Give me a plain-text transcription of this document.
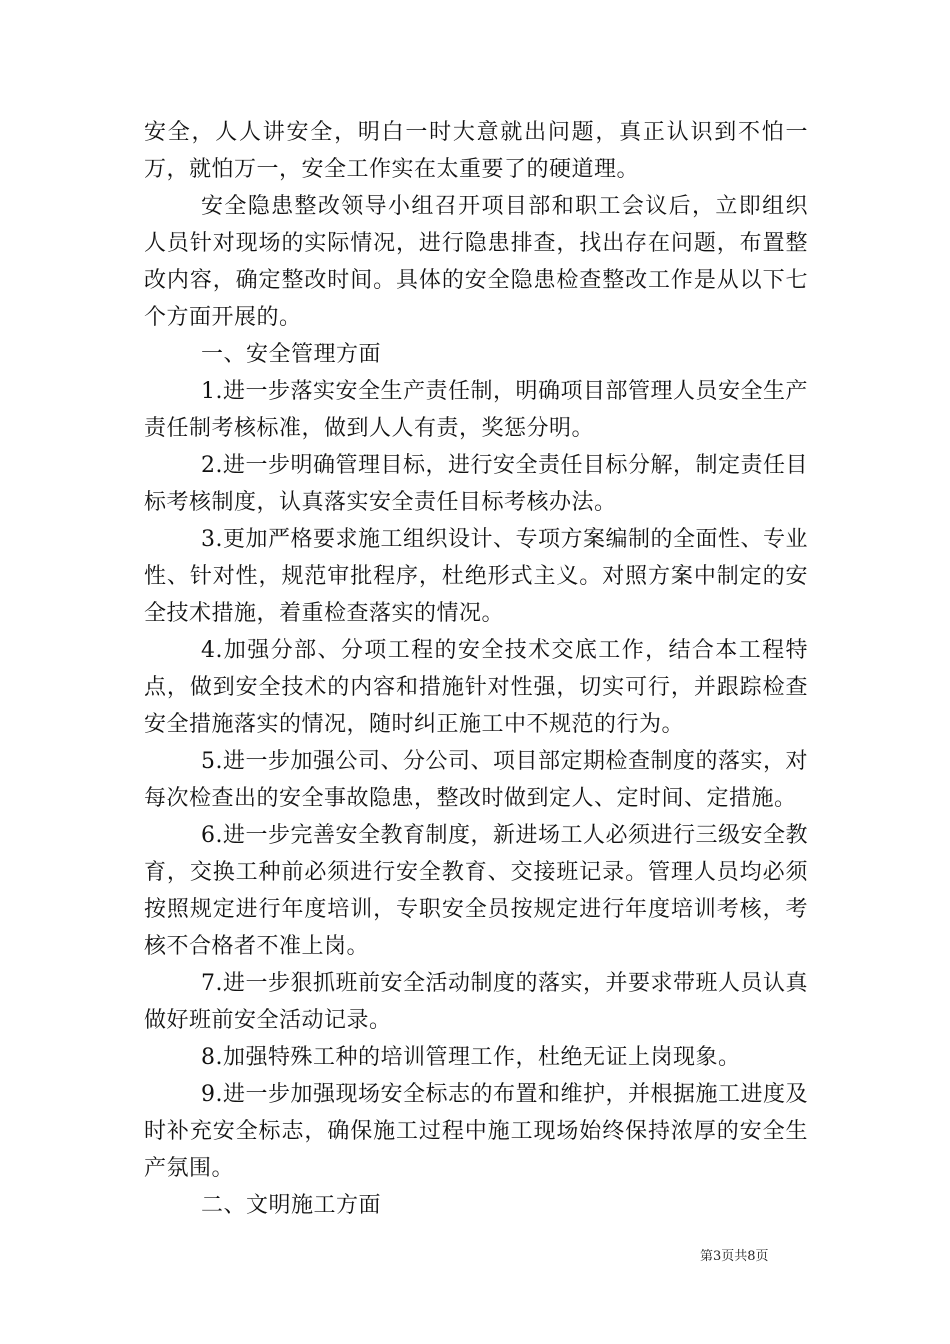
安全，人人讲安全，明白一时大意就出问题，真正认识到不怕一万，就怕万一，安全工作实在太重要了的硬道理。

安全隐患整改领导小组召开项目部和职工会议后，立即组织人员针对现场的实际情况，进行隐患排查，找出存在问题，布置整改内容，确定整改时间。具体的安全隐患检查整改工作是从以下七个方面开展的。

一、安全管理方面

1.进一步落实安全生产责任制，明确项目部管理人员安全生产责任制考核标准，做到人人有责，奖惩分明。

2.进一步明确管理目标，进行安全责任目标分解，制定责任目标考核制度，认真落实安全责任目标考核办法。

3.更加严格要求施工组织设计、专项方案编制的全面性、专业性、针对性，规范审批程序，杜绝形式主义。对照方案中制定的安全技术措施，着重检查落实的情况。

4.加强分部、分项工程的安全技术交底工作，结合本工程特点，做到安全技术的内容和措施针对性强，切实可行，并跟踪检查安全措施落实的情况，随时纠正施工中不规范的行为。

5.进一步加强公司、分公司、项目部定期检查制度的落实，对每次检查出的安全事故隐患，整改时做到定人、定时间、定措施。

6.进一步完善安全教育制度，新进场工人必须进行三级安全教育，交换工种前必须进行安全教育、交接班记录。管理人员均必须按照规定进行年度培训，专职安全员按规定进行年度培训考核，考核不合格者不准上岗。

7.进一步狠抓班前安全活动制度的落实，并要求带班人员认真做好班前安全活动记录。

8.加强特殊工种的培训管理工作，杜绝无证上岗现象。

9.进一步加强现场安全标志的布置和维护，并根据施工进度及时补充安全标志，确保施工过程中施工现场始终保持浓厚的安全生产氛围。

二、文明施工方面

第3页共8页
